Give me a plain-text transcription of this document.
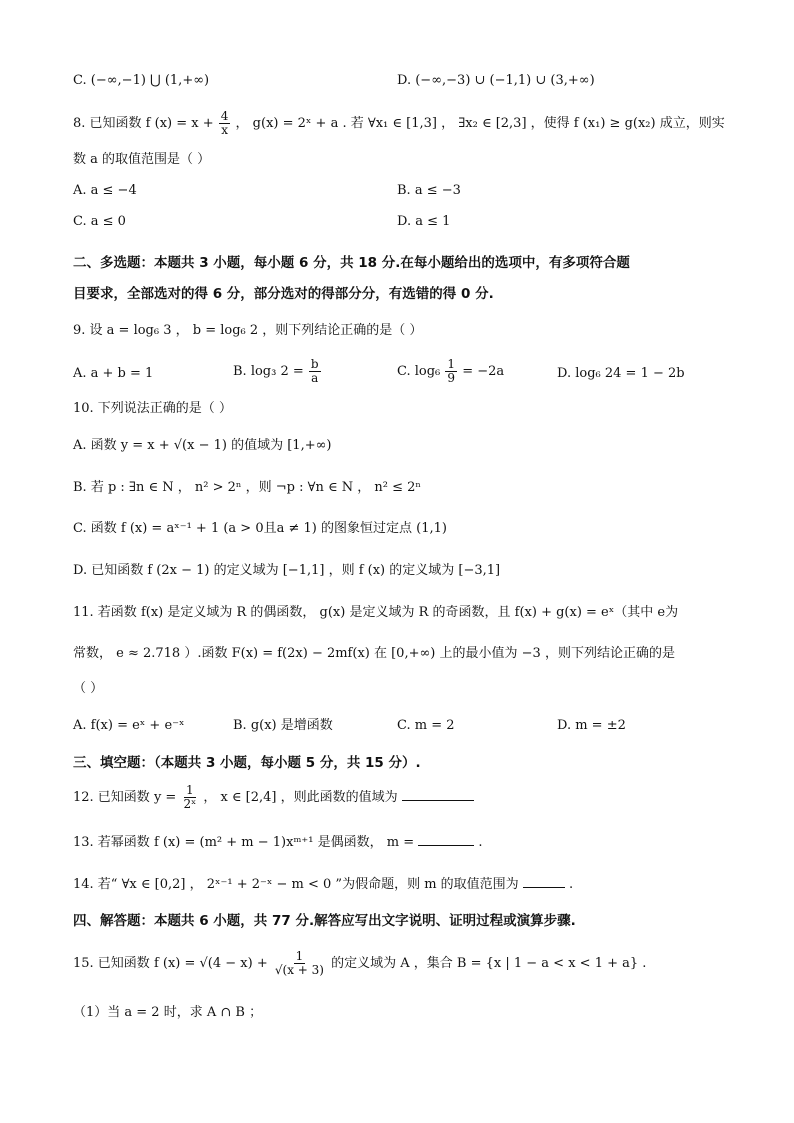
C. (−∞,−1) ⋃ (1,+∞)	D. (−∞,−3) ∪ (−1,1) ∪ (3,+∞)
8. 已知函数 f $(x) = x + \frac{4}{x}$ ， g(x) = 2ˣ + a . 若 ∀x₁ ∈ [1,3] ， ∃x₂ ∈ [2,3] ，使得 f (x₁) ≥ g(x₂) 成立，则实
数 a 的取值范围是（ ）
A. a ≤ −4	B. a ≤ −3
C. a ≤ 0	D. a ≤ 1
二、多选题：本题共 3 小题，每小题 6 分，共 18 分.在每小题给出的选项中，有多项符合题
目要求，全部选对的得 6 分，部分选对的得部分分，有选错的得 0 分.
9. 设 a = log₆ 3 ， b = log₆ 2 ，则下列结论正确的是（ ）
A. a + b = 1	B. log₃ $2 = \frac{b}{a}$	C. $\log_6 \frac{1}{9} = -2a$	D. log₆ 24 = 1 − 2b
10. 下列说法正确的是（ ）
A. 函数 y = x + √(x − 1) 的值域为 [1,+∞)
B. 若 p : ∃n ∈ N ， n² > 2ⁿ ，则 ¬p : ∀n ∈ N ， n² ≤ 2ⁿ
C. 函数 f (x) = aˣ⁻¹ + 1 (a > 0且a ≠ 1) 的图象恒过定点 (1,1)
D. 已知函数 f (2x − 1) 的定义域为 [−1,1] ，则 f (x) 的定义域为 [−3,1]
11. 若函数 f(x) 是定义域为 R 的偶函数， g(x) 是定义域为 R 的奇函数，且 f(x) + g(x) = eˣ（其中 e为
常数， e ≈ 2.718 ）.函数 F(x) = f(2x) − 2mf(x) 在 [0,+∞) 上的最小值为 −3 ，则下列结论正确的是
（ ）
A. f(x) = eˣ + e⁻ˣ	B. g(x) 是增函数	C. m = 2	D. m = ±2
三、填空题：（本题共 3 小题，每小题 5 分，共 15 分）.
12. 已知函数 $y = \frac{1}{\text{2ˣ}}$ ， x ∈ [2,4] ，则此函数的值域为
13. 若幂函数 f (x) = (m² + m − 1)xᵐ⁺¹ 是偶函数， m =	.
14. 若“ ∀x ∈ [0,2] ， 2ˣ⁻¹ + 2⁻ˣ − m < 0 ”为假命题，则 m 的取值范围为	.
四、解答题：本题共 6 小题，共 77 分.解答应写出文字说明、证明过程或演算步骤.
15. 已知函数 f $(x) = √(4 - x) + \frac{1}{√(x + 3)}$ 的定义域为 A ，集合 B = {x | 1 − a < x < 1 + a} .
（1）当 a = 2 时，求 A ∩ B ；
